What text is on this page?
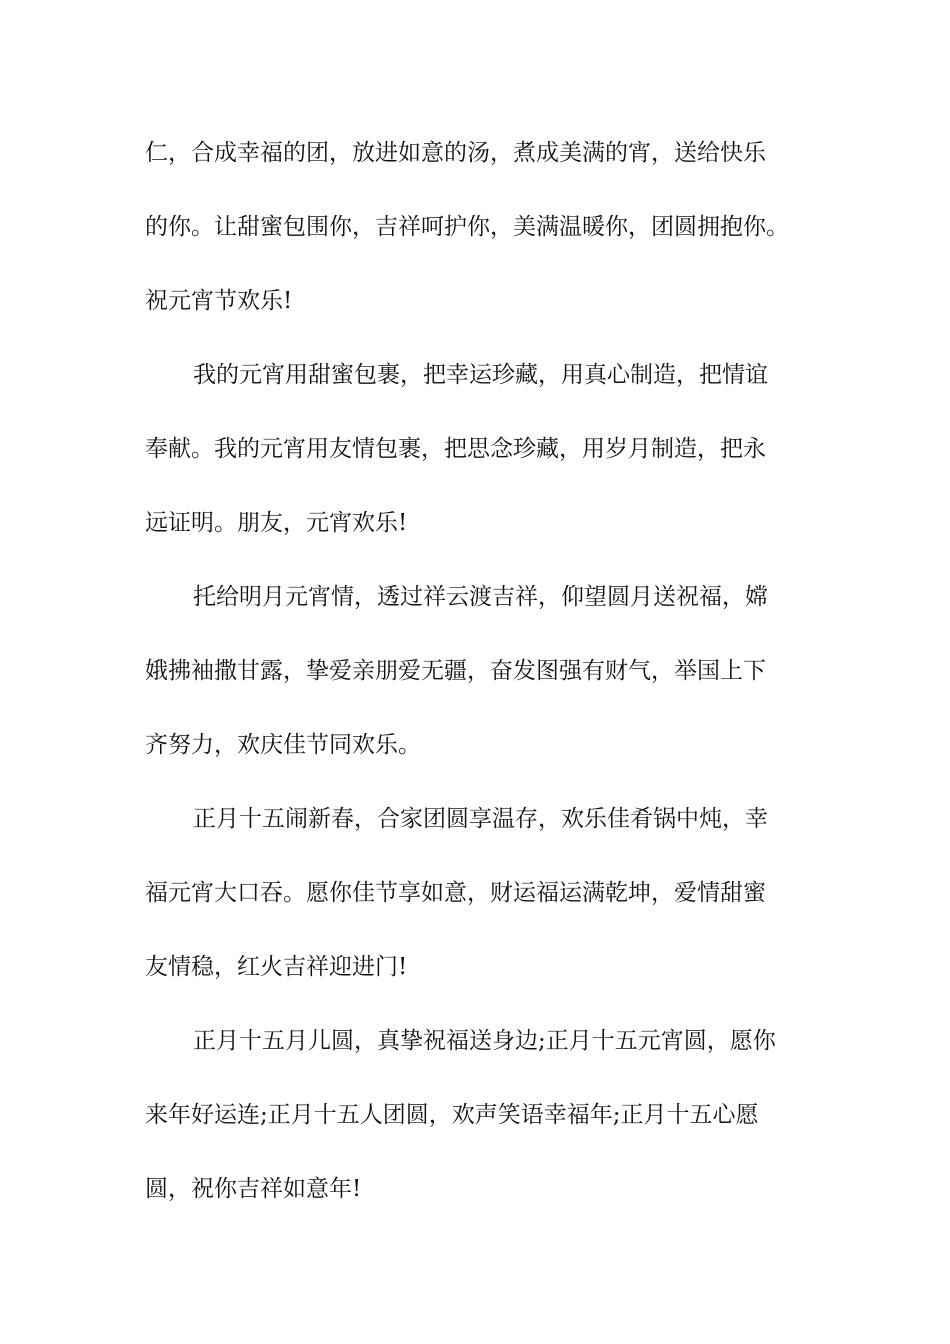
仁，合成幸福的团，放进如意的汤，煮成美满的宵，送给快乐
的你。让甜蜜包围你，吉祥呵护你，美满温暖你，团圆拥抱你。
祝元宵节欢乐!
我的元宵用甜蜜包裹，把幸运珍藏，用真心制造，把情谊
奉献。我的元宵用友情包裹，把思念珍藏，用岁月制造，把永
远证明。朋友，元宵欢乐!
托给明月元宵情，透过祥云渡吉祥，仰望圆月送祝福，嫦
娥拂袖撒甘露，挚爱亲朋爱无疆，奋发图强有财气，举国上下
齐努力，欢庆佳节同欢乐。
正月十五闹新春，合家团圆享温存，欢乐佳肴锅中炖，幸
福元宵大口吞。愿你佳节享如意，财运福运满乾坤，爱情甜蜜
友情稳，红火吉祥迎进门!
正月十五月儿圆，真挚祝福送身边;正月十五元宵圆，愿你
来年好运连;正月十五人团圆，欢声笑语幸福年;正月十五心愿
圆，祝你吉祥如意年!
